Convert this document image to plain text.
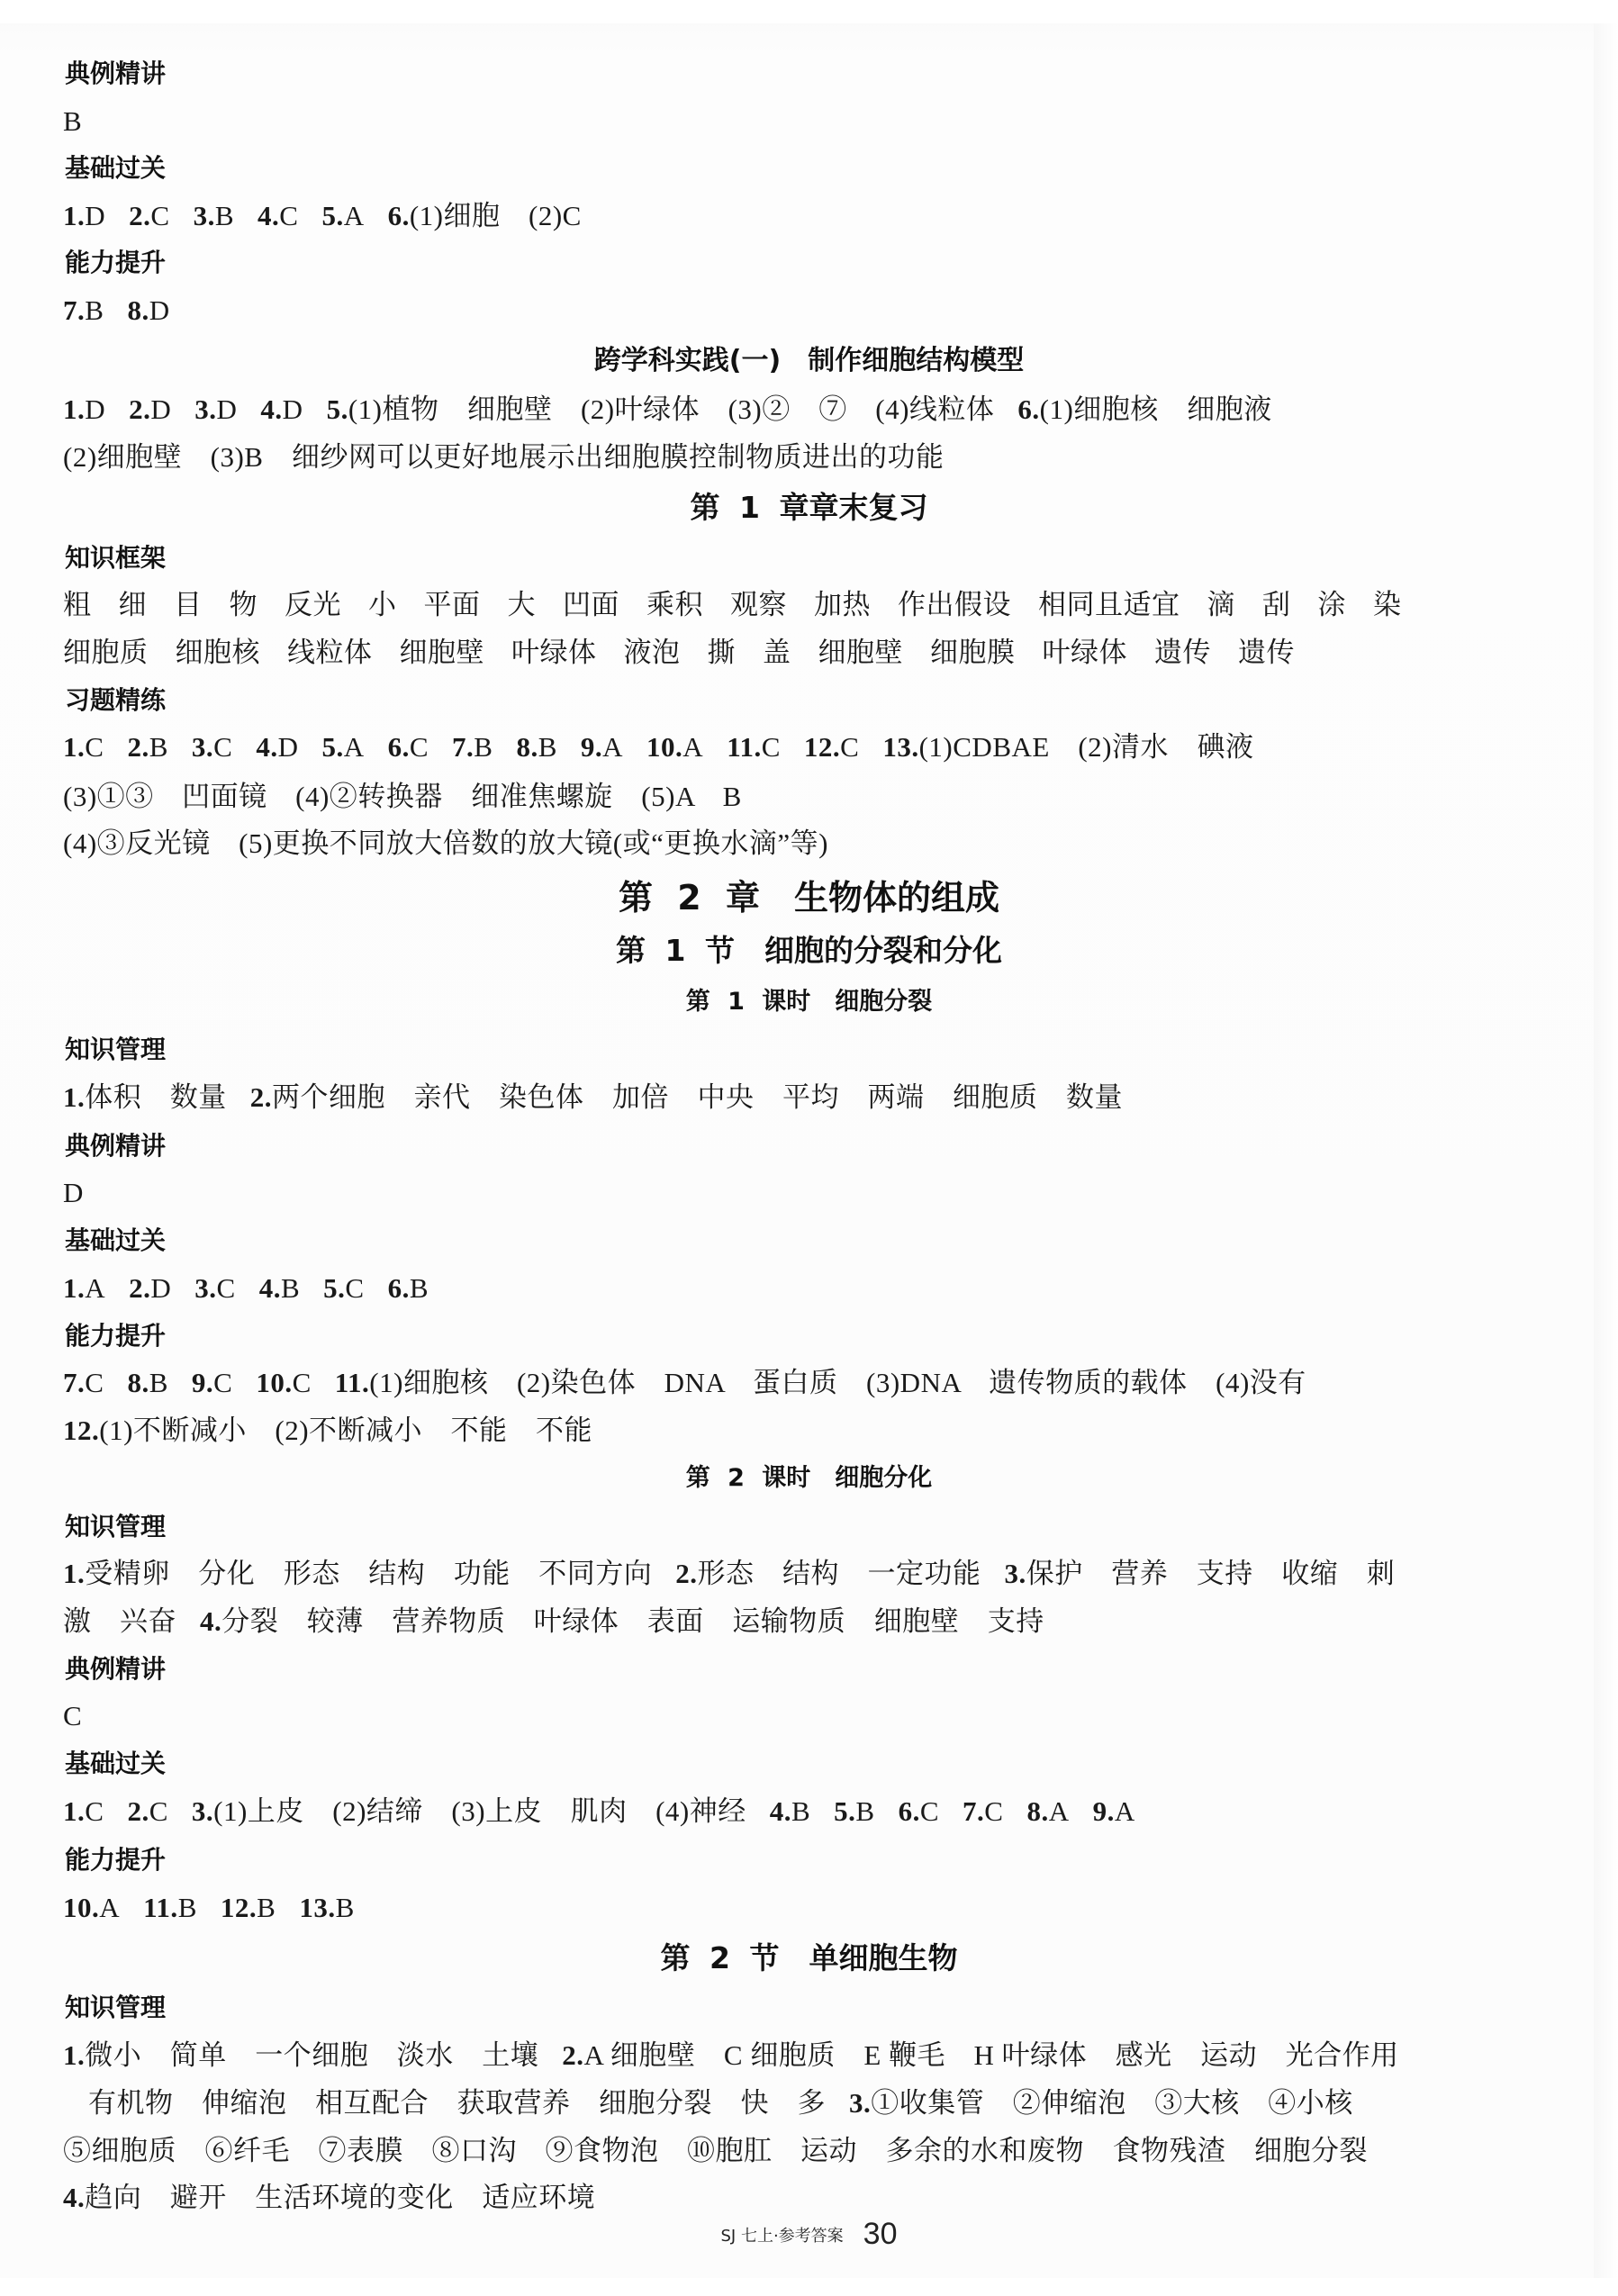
典例精讲
B
基础过关
1.D 2.C 3.B 4.C 5.A 6.(1)细胞　(2)C
能力提升
7.B 8.D
跨学科实践(一)　制作细胞结构模型
1.D 2.D 3.D 4.D 5.(1)植物　细胞壁　(2)叶绿体　(3)②　⑦　(4)线粒体 6.(1)细胞核　细胞液
(2)细胞壁　(3)B　细纱网可以更好地展示出细胞膜控制物质进出的功能
第 1 章章末复习
知识框架
粗 细 目 物 反光 小 平面 大 凹面 乘积 观察 加热 作出假设 相同且适宜 滴 刮 涂 染
细胞质 细胞核 线粒体 细胞壁 叶绿体 液泡 撕 盖 细胞壁 细胞膜 叶绿体 遗传 遗传
习题精练
1.C 2.B 3.C 4.D 5.A 6.C 7.B 8.B 9.A 10.A 11.C 12.C 13.(1)CDBAE　(2)清水　碘液
(3)①③　凹面镜　(4)②转换器　细准焦螺旋　(5)A　B
(4)③反光镜　(5)更换不同放大倍数的放大镜(或“更换水滴”等)
第 2 章　生物体的组成
第 1 节　细胞的分裂和分化
第 1 课时　细胞分裂
知识管理
1.体积　数量 2.两个细胞　亲代　染色体　加倍　中央　平均　两端　细胞质　数量
典例精讲
D
基础过关
1.A 2.D 3.C 4.B 5.C 6.B
能力提升
7.C 8.B 9.C 10.C 11.(1)细胞核　(2)染色体　DNA　蛋白质　(3)DNA　遗传物质的载体　(4)没有
12.(1)不断减小　(2)不断减小　不能　不能
第 2 课时　细胞分化
知识管理
1.受精卵　分化　形态　结构　功能　不同方向 2.形态　结构　一定功能 3.保护　营养　支持　收缩　刺
激　兴奋 4.分裂　较薄　营养物质　叶绿体　表面　运输物质　细胞壁　支持
典例精讲
C
基础过关
1.C 2.C 3.(1)上皮　(2)结缔　(3)上皮　肌肉　(4)神经 4.B 5.B 6.C 7.C 8.A 9.A
能力提升
10.A 11.B 12.B 13.B
第 2 节　单细胞生物
知识管理
1.微小　简单　一个细胞　淡水　土壤 2.A 细胞壁　C 细胞质　E 鞭毛　H 叶绿体　感光　运动　光合作用
有机物　伸缩泡　相互配合　获取营养　细胞分裂　快　多 3.①收集管　②伸缩泡　③大核　④小核
⑤细胞质　⑥纤毛　⑦表膜　⑧口沟　⑨食物泡　⑩胞肛　运动　多余的水和废物　食物残渣　细胞分裂
4.趋向　避开　生活环境的变化　适应环境
SJ 七上·参考答案 30
